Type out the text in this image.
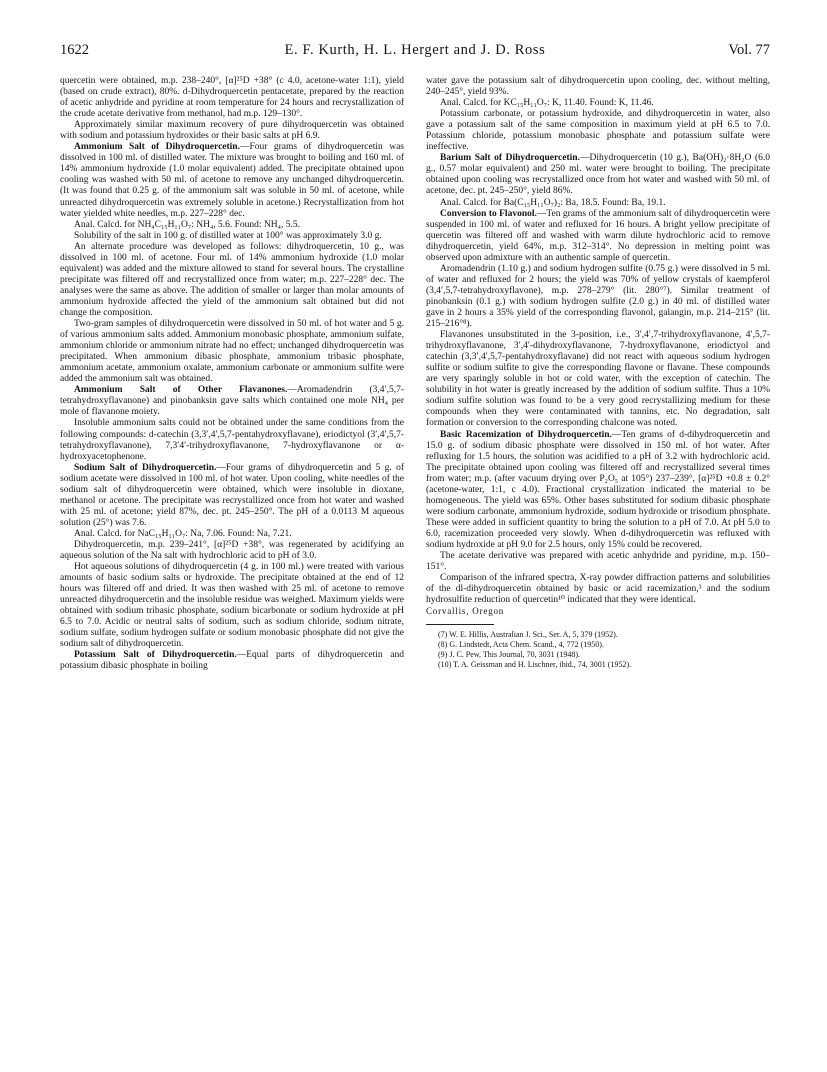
1622	E. F. Kurth, H. L. Hergert and J. D. Ross	Vol. 77

quercetin were obtained, m.p. 238–240°, [α]²⁵D +38° (c 4.0, acetone-water 1:1), yield (based on crude extract), 80%. d-Dihydroquercetin pentacetate, prepared by the reaction of acetic anhydride and pyridine at room temperature for 24 hours and recrystallization of the crude acetate derivative from methanol, had m.p. 129–130°.

Approximately similar maximum recovery of pure dihydroquercetin was obtained with sodium and potassium hydroxides or their basic salts at pH 6.9.

Ammonium Salt of Dihydroquercetin.—Four grams of dihydroquercetin was dissolved in 100 ml. of distilled water. The mixture was brought to boiling and 160 ml. of 14% ammonium hydroxide (1.0 molar equivalent) added. The precipitate obtained upon cooling was washed with 50 ml. of acetone to remove any unchanged dihydroquercetin. (It was found that 0.25 g. of the ammonium salt was soluble in 50 ml. of acetone, while unreacted dihydroquercetin was extremely soluble in acetone.) Recrystallization from hot water yielded white needles, m.p. 227–228° dec.

Anal. Calcd. for NH₄C₁₅H₁₁O₇: NH₄, 5.6. Found: NH₄, 5.5.

Solubility of the salt in 100 g. of distilled water at 100° was approximately 3.0 g.

An alternate procedure was developed as follows: dihydroquercetin, 10 g., was dissolved in 100 ml. of acetone. Four ml. of 14% ammonium hydroxide (1.0 molar equivalent) was added and the mixture allowed to stand for several hours. The crystalline precipitate was filtered off and recrystallized once from water; m.p. 227–228° dec. The analyses were the same as above. The addition of smaller or larger than molar amounts of ammonium hydroxide affected the yield of the ammonium salt obtained but did not change the composition.

Two-gram samples of dihydroquercetin were dissolved in 50 ml. of hot water and 5 g. of various ammonium salts added. Ammonium monobasic phosphate, ammonium sulfate, ammonium chloride or ammonium nitrate had no effect; unchanged dihydroquercetin was precipitated. When ammonium dibasic phosphate, ammonium tribasic phosphate, ammonium acetate, ammonium oxalate, ammonium carbonate or ammonium sulfite were added the ammonium salt was obtained.

Ammonium Salt of Other Flavanones.—Aromadendrin (3,4′,5,7-tetrahydroxyflavanone) and pinobanksin gave salts which contained one mole NH₄ per mole of flavanone moiety.

Insoluble ammonium salts could not be obtained under the same conditions from the following compounds: d-catechin (3,3′,4′,5,7-pentahydroxyflavane), eriodictyol (3′,4′,5,7-tetrahydroxyflavanone), 7,3′4′-trihydroxyflavanone, 7-hydroxyflavanone or α-hydroxyacetophenone.

Sodium Salt of Dihydroquercetin.—Four grams of dihydroquercetin and 5 g. of sodium acetate were dissolved in 100 ml. of hot water. Upon cooling, white needles of the sodium salt of dihydroquercetin were obtained, which were insoluble in dioxane, methanol or acetone. The precipitate was recrystallized once from hot water and washed with 25 ml. of acetone; yield 87%, dec. pt. 245–250°. The pH of a 0.0113 M aqueous solution (25°) was 7.6.

Anal. Calcd. for NaC₁₅H₁₁O₇: Na, 7.06. Found: Na, 7.21.

Dihydroquercetin, m.p. 239–241°, [α]²⁵D +38°, was regenerated by acidifying an aqueous solution of the Na salt with hydrochloric acid to pH of 3.0.

Hot aqueous solutions of dihydroquercetin (4 g. in 100 ml.) were treated with various amounts of basic sodium salts or hydroxide. The precipitate obtained at the end of 12 hours was filtered off and dried. It was then washed with 25 ml. of acetone to remove unreacted dihydroquercetin and the insoluble residue was weighed. Maximum yields were obtained with sodium tribasic phosphate, sodium bicarbonate or sodium hydroxide at pH 6.5 to 7.0. Acidic or neutral salts of sodium, such as sodium chloride, sodium nitrate, sodium sulfate, sodium hydrogen sulfate or sodium monobasic phosphate did not give the sodium salt of dihydroquercetin.

Potassium Salt of Dihydroquercetin.—Equal parts of dihydroquercetin and potassium dibasic phosphate in boiling

water gave the potassium salt of dihydroquercetin upon cooling, dec. without melting, 240–245°, yield 93%.

Anal. Calcd. for KC₁₅H₁₁O₇: K, 11.40. Found: K, 11.46.

Potassium carbonate, or potassium hydroxide, and dihydroquercetin in water, also gave a potassium salt of the same composition in maximum yield at pH 6.5 to 7.0. Potassium chloride, potassium monobasic phosphate and potassium sulfate were ineffective.

Barium Salt of Dihydroquercetin.—Dihydroquercetin (10 g.), Ba(OH)₂·8H₂O (6.0 g., 0.57 molar equivalent) and 250 ml. water were brought to boiling. The precipitate obtained upon cooling was recrystallized once from hot water and washed with 50 ml. of acetone, dec. pt. 245–250°, yield 86%.

Anal. Calcd. for Ba(C₁₅H₁₁O₇)₂: Ba, 18.5. Found: Ba, 19.1.

Conversion to Flavonol.—Ten grams of the ammonium salt of dihydroquercetin were suspended in 100 ml. of water and refluxed for 16 hours. A bright yellow precipitate of quercetin was filtered off and washed with warm dilute hydrochloric acid to remove dihydroquercetin, yield 64%, m.p. 312–314°. No depression in melting point was observed upon admixture with an authentic sample of quercetin.

Aromadendrin (1.10 g.) and sodium hydrogen sulfite (0.75 g.) were dissolved in 5 ml. of water and refluxed for 2 hours; the yield was 70% of yellow crystals of kaempferol (3,4′,5,7-tetrahydroxyflavone), m.p. 278–279° (lit. 280°⁷). Similar treatment of pinobanksin (0.1 g.) with sodium hydrogen sulfite (2.0 g.) in 40 ml. of distilled water gave in 2 hours a 35% yield of the corresponding flavonol, galangin, m.p. 214–215° (lit. 215–216°⁸).

Flavanones unsubstituted in the 3-position, i.e., 3′,4′,7-trihydroxyflavanone, 4′,5,7-trihydroxyflavanone, 3′,4′-dihydroxyflavanone, 7-hydroxyflavanone, eriodictyol and catechin (3,3′,4′,5,7-pentahydroxyflavane) did not react with aqueous sodium hydrogen sulfite or sodium sulfite to give the corresponding flavone or flavane. These compounds are very sparingly soluble in hot or cold water, with the exception of catechin. The solubility in hot water is greatly increased by the addition of sodium sulfite. Thus a 10% sodium sulfite solution was found to be a very good recrystallizing medium for these compounds when they were contaminated with tannins, etc. No degradation, salt formation or conversion to the corresponding chalcone was noted.

Basic Racemization of Dihydroquercetin.—Ten grams of d-dihydroquercetin and 15.0 g. of sodium dibasic phosphate were dissolved in 150 ml. of hot water. After refluxing for 1.5 hours, the solution was acidified to a pH of 3.2 with hydrochloric acid. The precipitate obtained upon cooling was filtered off and recrystallized several times from water; m.p. (after vacuum drying over P₂O₅ at 105°) 237–239°, [α]²⁵D +0.8 ± 0.2° (acetone-water, 1:1, c 4.0). Fractional crystallization indicated the material to be homogeneous. The yield was 65%. Other bases substituted for sodium dibasic phosphate were sodium carbonate, ammonium hydroxide, sodium hydroxide or trisodium phosphate. These were added in sufficient quantity to bring the solution to a pH of 7.0. At pH 5.0 to 6.0, racemization proceeded very slowly. When d-dihydroquercetin was refluxed with sodium hydroxide at pH 9.0 for 2.5 hours, only 15% could be recovered.

The acetate derivative was prepared with acetic anhydride and pyridine, m.p. 150–151°.

Comparison of the infrared spectra, X-ray powder diffraction patterns and solubilities of the dl-dihydroquercetin obtained by basic or acid racemization,³ and the sodium hydrosulfite reduction of quercetin¹⁰ indicated that they were identical.

Corvallis, Oregon

(7) W. E. Hillis, Australian J. Sci., Ser. A, 5, 379 (1952).

(8) G. Lindstedt, Acta Chem. Scand., 4, 772 (1950).

(9) J. C. Pew, This Journal, 70, 3031 (1948).

(10) T. A. Geissman and H. Lischner, ibid., 74, 3001 (1952).
